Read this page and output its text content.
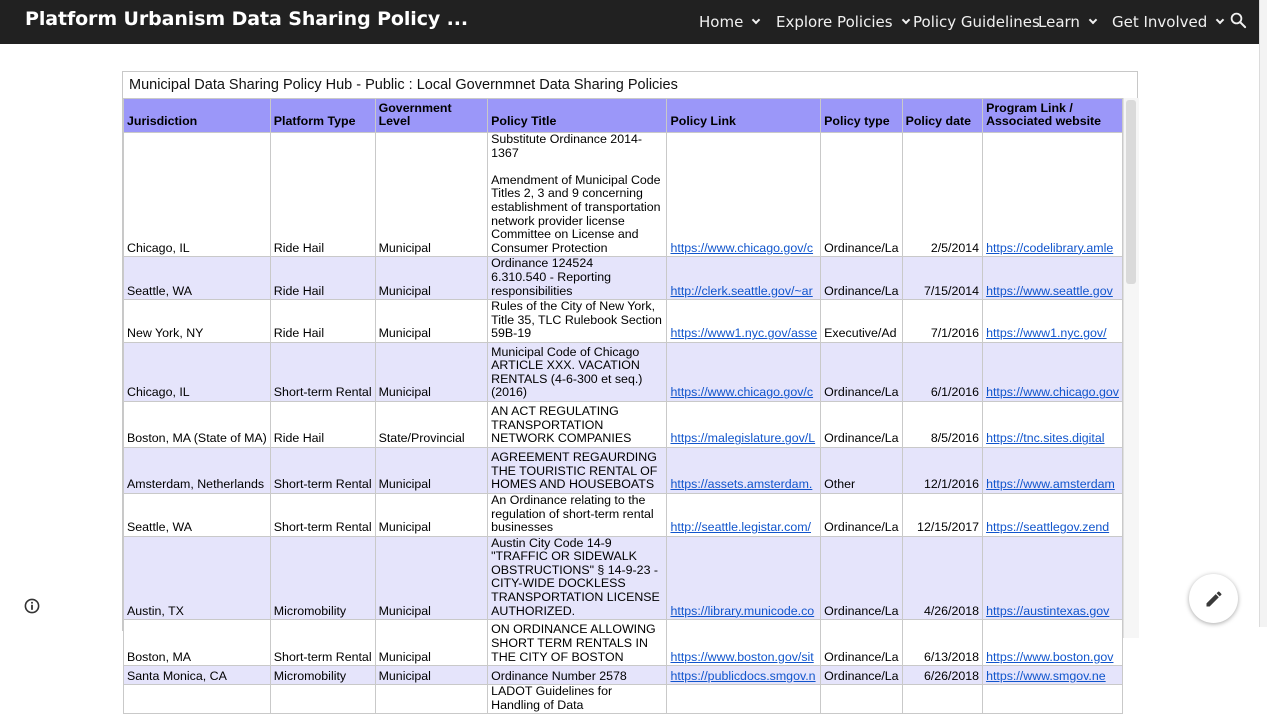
Platform Urbanism Data Sharing Policy ...	Home Explore Policies Policy Guidelines
Learn Get Involved
Municipal Data Sharing Policy Hub - Public : Local Governmnet Data Sharing Policies
Jurisdiction	Platform Type	Government Level	Policy Title	Policy Link	Policy type	Policy date	Program Link / Associated website
Chicago, IL	Ride Hail	Municipal	Substitute Ordinance 2014-1367

Amendment of Municipal Code Titles 2, 3 and 9 concerning establishment of transportation network provider license Committee on License and Consumer Protection	https://www.chicago.gov/c	Ordinance/La	2/5/2014	https://codelibrary.amle
Seattle, WA	Ride Hail	Municipal	Ordinance 124524
6.310.540 - Reporting responsibilities	http://clerk.seattle.gov/~ar	Ordinance/La	7/15/2014	https://www.seattle.gov
New York, NY	Ride Hail	Municipal	Rules of the City of New York, Title 35, TLC Rulebook Section 59B-19	https://www1.nyc.gov/asse	Executive/Ad	7/1/2016	https://www1.nyc.gov/
Chicago, IL	Short-term Rental	Municipal	Municipal Code of Chicago ARTICLE XXX. VACATION RENTALS (4-6-300 et seq.) (2016)	https://www.chicago.gov/c	Ordinance/La	6/1/2016	https://www.chicago.gov
Boston, MA (State of MA)	Ride Hail	State/Provincial	AN ACT REGULATING TRANSPORTATION NETWORK COMPANIES	https://malegislature.gov/L	Ordinance/La	8/5/2016	https://tnc.sites.digital
Amsterdam, Netherlands	Short-term Rental	Municipal	AGREEMENT REGAURDING THE TOURISTIC RENTAL OF HOMES AND HOUSEBOATS	https://assets.amsterdam.	Other	12/1/2016	https://www.amsterdam
Seattle, WA	Short-term Rental	Municipal	An Ordinance relating to the regulation of short-term rental businesses	http://seattle.legistar.com/	Ordinance/La	12/15/2017	https://seattlegov.zend
Austin, TX	Micromobility	Municipal	Austin City Code 14-9 "TRAFFIC OR SIDEWALK OBSTRUCTIONS" § 14-9-23 - CITY-WIDE DOCKLESS TRANSPORTATION LICENSE AUTHORIZED.	https://library.municode.co	Ordinance/La	4/26/2018	https://austintexas.gov
Boston, MA	Short-term Rental	Municipal	ON ORDINANCE ALLOWING SHORT TERM RENTALS IN THE CITY OF BOSTON	https://www.boston.gov/sit	Ordinance/La	6/13/2018	https://www.boston.gov
Santa Monica, CA	Micromobility	Municipal	Ordinance Number 2578	https://publicdocs.smgov.n	Ordinance/La	6/26/2018	https://www.smgov.ne
			LADOT Guidelines for Handling of Data				
